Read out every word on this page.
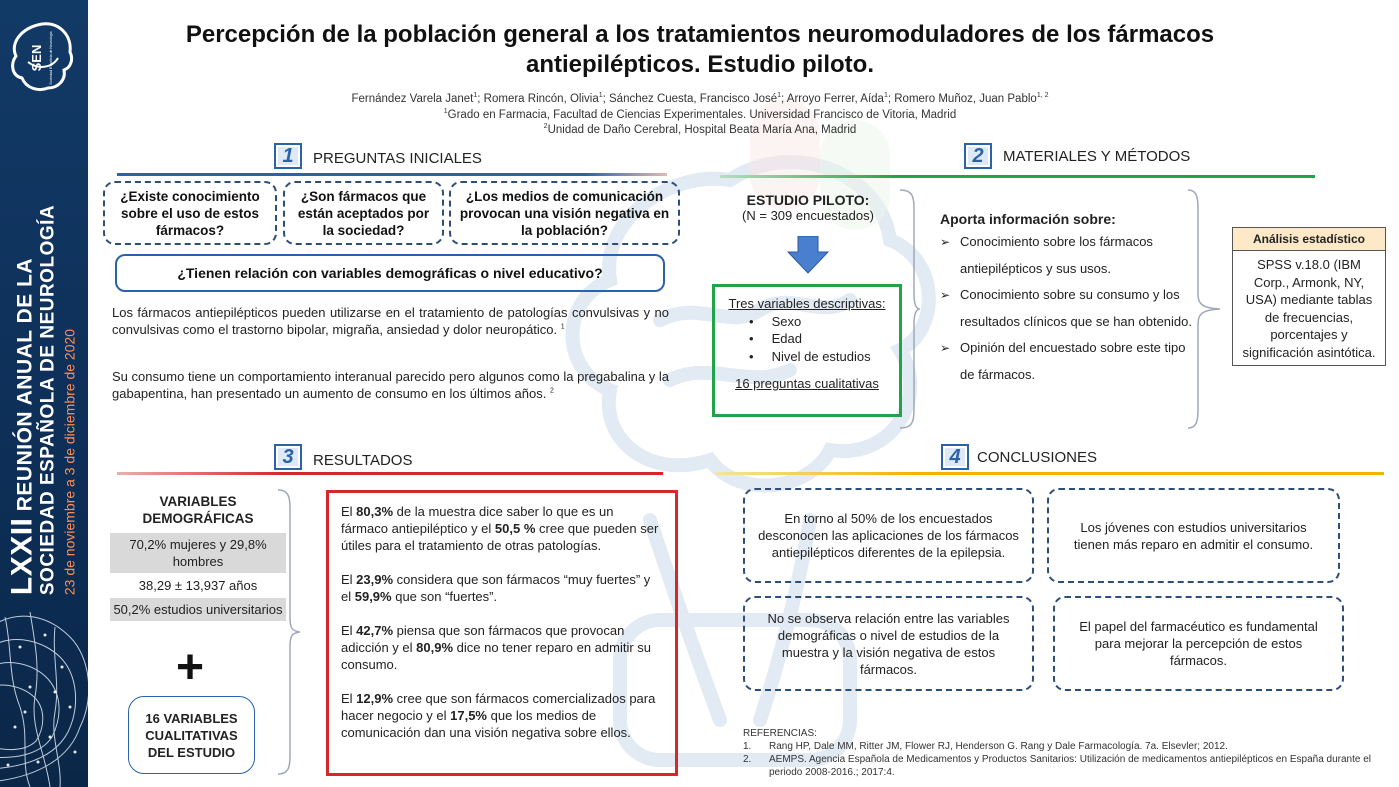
SEN Sociedad Española de Neurología
LXXII REUNIÓN ANUAL DE LA SOCIEDAD ESPAÑOLA DE NEUROLOGÍA 23 de noviembre a 3 de diciembre de 2020
Percepción de la población general a los tratamientos neuromoduladores de los fármacos
antiepilépticos. Estudio piloto.
Fernández Varela Janet$^1$; Romera Rincón, Olivia$^1$; Sánchez Cuesta, Francisco José$^1$; Arroyo Ferrer, Aída$^1$; Romero Muñoz, Juan Pablo$^{1, 2}$
$^1$Grado en Farmacia, Facultad de Ciencias Experimentales. Universidad Francisco de Vitoria, Madrid
$^2$Unidad de Daño Cerebral, Hospital Beata María Ana, Madrid
1	PREGUNTAS INICIALES
¿Existe conocimiento sobre el uso de estos fármacos?
¿Son fármacos que están aceptados por la sociedad?
¿Los medios de comunicación provocan una visión negativa en la población?
¿Tienen relación con variables demográficas o nivel educativo?
Los fármacos antiepilépticos pueden utilizarse en el tratamiento de patologías convulsivas y no convulsivas como el trastorno bipolar, migraña, ansiedad y dolor neuropático. $^1$
Su consumo tiene un comportamiento interanual parecido pero algunos como la pregabalina y la gabapentina, han presentado un aumento de consumo en los últimos años. $^2$
2	MATERIALES Y MÉTODOS
ESTUDIO PILOTO:
(N = 309 encuestados)
Tres variables descriptivas:
•     Sexo
•     Edad
•     Nivel de estudios
16 preguntas cualitativas
Aporta información sobre:
➢ Conocimiento sobre los fármacos antiepilépticos y sus usos.
➢ Conocimiento sobre su consumo y los resultados clínicos que se han obtenido.
➢ Opinión del encuestado sobre este tipo de fármacos.
Análisis estadístico
SPSS v.18.0 (IBM Corp., Armonk, NY, USA) mediante tablas de frecuencias, porcentajes y significación asintótica.
3	RESULTADOS
VARIABLES DEMOGRÁFICAS
70,2% mujeres y 29,8% hombres
38,29 ± 13,937 años
50,2% estudios universitarios
+
16 VARIABLES CUALITATIVAS DEL ESTUDIO

El 80,3% de la muestra dice saber lo que es un fármaco antiepiléptico y el 50,5 % cree que pueden ser útiles para el tratamiento de otras patologías.

El 23,9% considera que son fármacos “muy fuertes” y el 59,9% que son “fuertes”.

El 42,7% piensa que son fármacos que provocan adicción y el 80,9% dice no tener reparo en admitir su consumo.

El 12,9% cree que son fármacos comercializados para hacer negocio y el 17,5% que los medios de comunicación dan una visión negativa sobre ellos.

4	CONCLUSIONES
En torno al 50% de los encuestados desconocen las aplicaciones de los fármacos antiepilépticos diferentes de la epilepsia.
Los jóvenes con estudios universitarios tienen más reparo en admitir el consumo.
No se observa relación entre las variables demográficas o nivel de estudios de la muestra y la visión negativa de estos fármacos.
El papel del farmacéutico es fundamental para mejorar la percepción de estos fármacos.
REFERENCIAS:
1.	Rang HP, Dale MM, Ritter JM, Flower RJ, Henderson G. Rang y Dale Farmacología. 7a. Elsevler; 2012.
2.	AEMPS. Agencia Española de Medicamentos y Productos Sanitarios: Utilización de medicamentos antiepilépticos en España durante el periodo 2008-2016.; 2017:4.
